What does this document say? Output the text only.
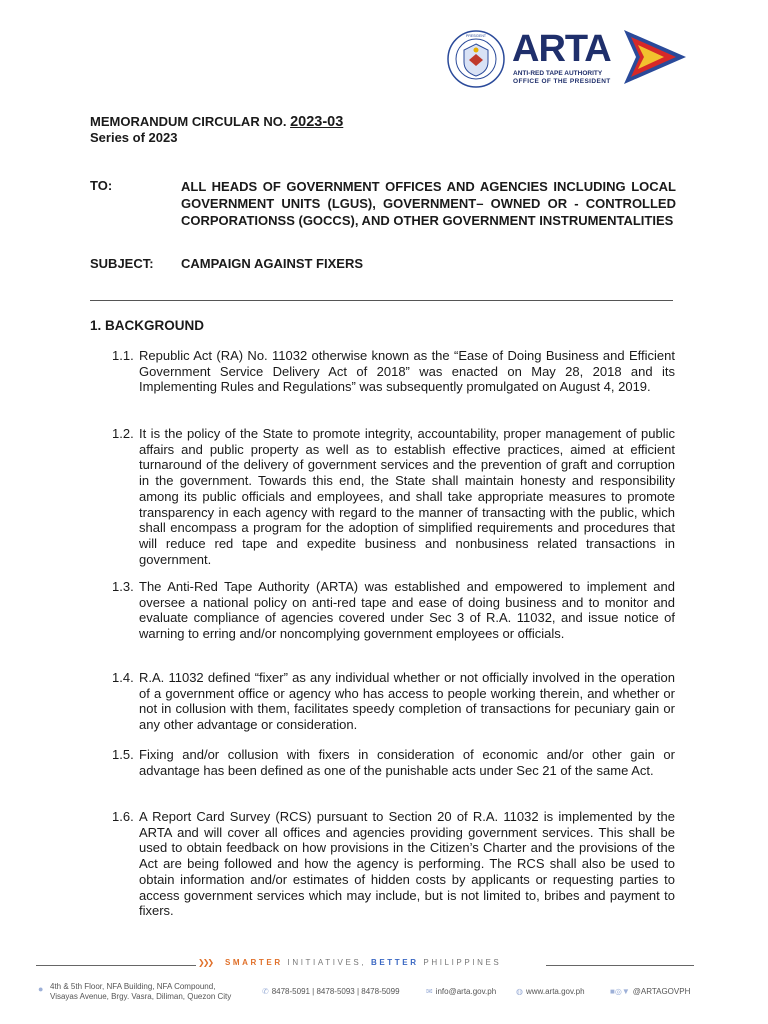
PRESIDENT ARTA
ANTI-RED TAPE AUTHORITY
OFFICE OF THE PRESIDENT
MEMORANDUM CIRCULAR NO. 2023-03
Series of 2023
TO:	ALL HEADS OF GOVERNMENT OFFICES AND AGENCIES INCLUDING LOCAL GOVERNMENT UNITS (LGUS), GOVERNMENT– OWNED OR - CONTROLLED CORPORATIONSS (GOCCS), AND OTHER GOVERNMENT INSTRUMENTALITIES
SUBJECT: CAMPAIGN AGAINST FIXERS
1. BACKGROUND
1.1. Republic Act (RA) No. 11032 otherwise known as the “Ease of Doing Business and Efficient Government Service Delivery Act of 2018” was enacted on May 28, 2018 and its Implementing Rules and Regulations” was subsequently promulgated on August 4, 2019.
1.2. It is the policy of the State to promote integrity, accountability, proper management of public affairs and public property as well as to establish effective practices, aimed at efficient turnaround of the delivery of government services and the prevention of graft and corruption in the government. Towards this end, the State shall maintain honesty and responsibility among its public officials and employees, and shall take appropriate measures to promote transparency in each agency with regard to the manner of transacting with the public, which shall encompass a program for the adoption of simplified requirements and procedures that will reduce red tape and expedite business and nonbusiness related transactions in government.
1.3. The Anti-Red Tape Authority (ARTA) was established and empowered to implement and oversee a national policy on anti-red tape and ease of doing business and to monitor and evaluate compliance of agencies covered under Sec 3 of R.A. 11032, and issue notice of warning to erring and/or noncomplying government employees or officials.
1.4. R.A. 11032 defined “fixer” as any individual whether or not officially involved in the operation of a government office or agency who has access to people working therein, and whether or not in collusion with them, facilitates speedy completion of transactions for pecuniary gain or any other advantage or consideration.
1.5. Fixing and/or collusion with fixers in consideration of economic and/or other gain or advantage has been defined as one of the punishable acts under Sec 21 of the same Act.
1.6. A Report Card Survey (RCS) pursuant to Section 20 of R.A. 11032 is implemented by the ARTA and will cover all offices and agencies providing government services. This shall be used to obtain feedback on how provisions in the Citizen’s Charter and the provisions of the Act are being followed and how the agency is performing. The RCS shall also be used to obtain information and/or estimates of hidden costs by applicants or requesting parties to access government services which may include, but is not limited to, bribes and payment to fixers.
❯❯❯ SMARTER INITIATIVES, BETTER PHILIPPINES
● 4th & 5th Floor, NFA Building, NFA Compound,
Visayas Avenue, Brgy. Vasra, Diliman, Quezon City
✆ 8478-5091 | 8478-5093 | 8478-5099	✉ info@arta.gov.ph ◍ www.arta.gov.ph	■◎▼ @ARTAGOVPH
